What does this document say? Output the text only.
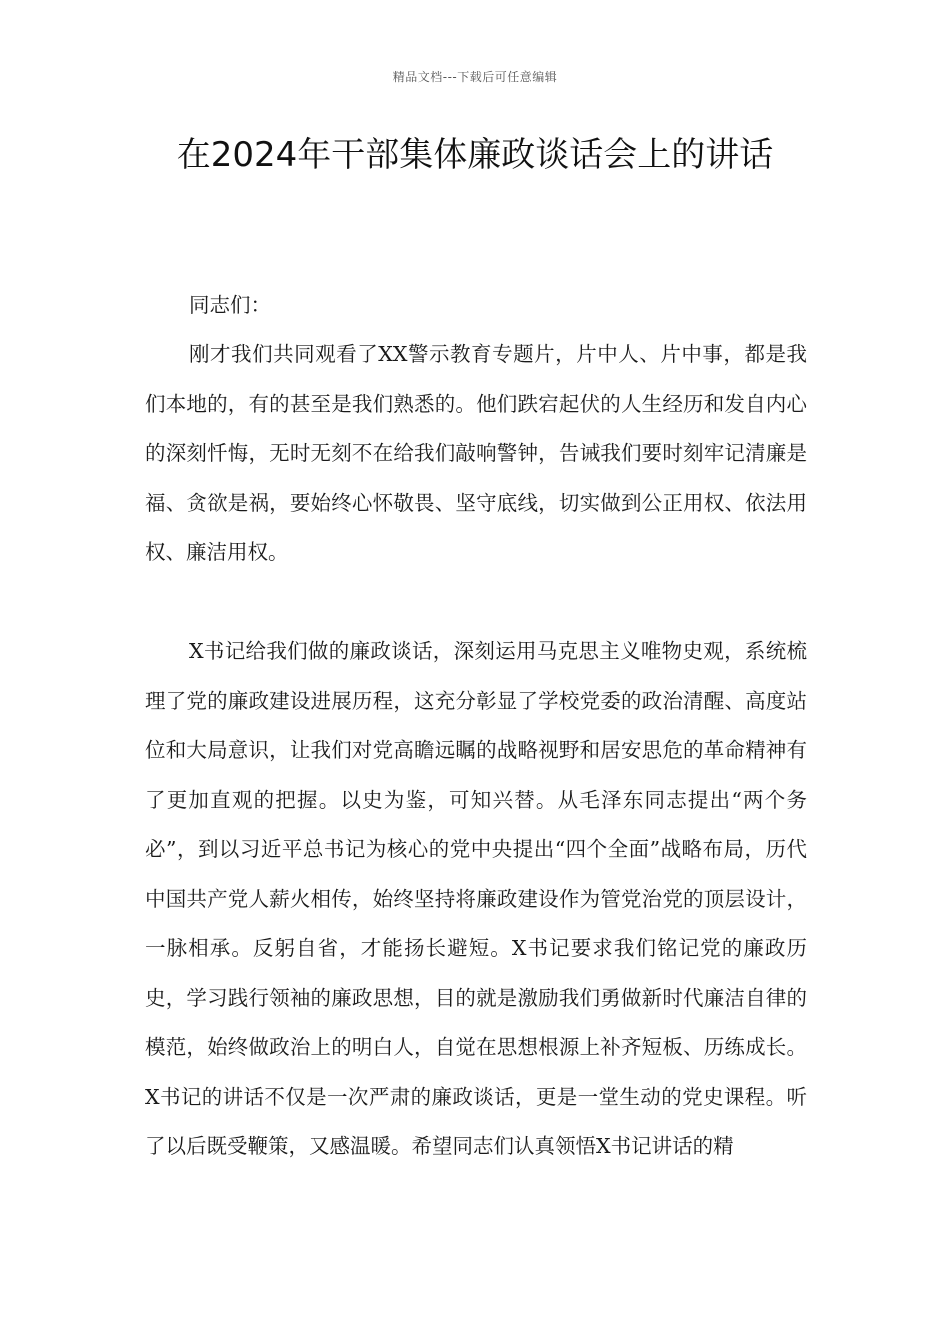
精品文档---下载后可任意编辑
在2024年干部集体廉政谈话会上的讲话

同志们：

刚才我们共同观看了XX警示教育专题片，片中人、片中事，都是我们本地的，有的甚至是我们熟悉的。他们跌宕起伏的人生经历和发自内心的深刻忏悔，无时无刻不在给我们敲响警钟，告诫我们要时刻牢记清廉是福、贪欲是祸，要始终心怀敬畏、坚守底线，切实做到公正用权、依法用权、廉洁用权。

X书记给我们做的廉政谈话，深刻运用马克思主义唯物史观，系统梳理了党的廉政建设进展历程，这充分彰显了学校党委的政治清醒、高度站位和大局意识，让我们对党高瞻远瞩的战略视野和居安思危的革命精神有了更加直观的把握。以史为鉴，可知兴替。从毛泽东同志提出“两个务必”，到以习近平总书记为核心的党中央提出“四个全面”战略布局，历代中国共产党人薪火相传，始终坚持将廉政建设作为管党治党的顶层设计，一脉相承。反躬自省，才能扬长避短。X书记要求我们铭记党的廉政历史，学习践行领袖的廉政思想，目的就是激励我们勇做新时代廉洁自律的模范，始终做政治上的明白人，自觉在思想根源上补齐短板、历练成长。X书记的讲话不仅是一次严肃的廉政谈话，更是一堂生动的党史课程。听了以后既受鞭策，又感温暖。希望同志们认真领悟X书记讲话的精
